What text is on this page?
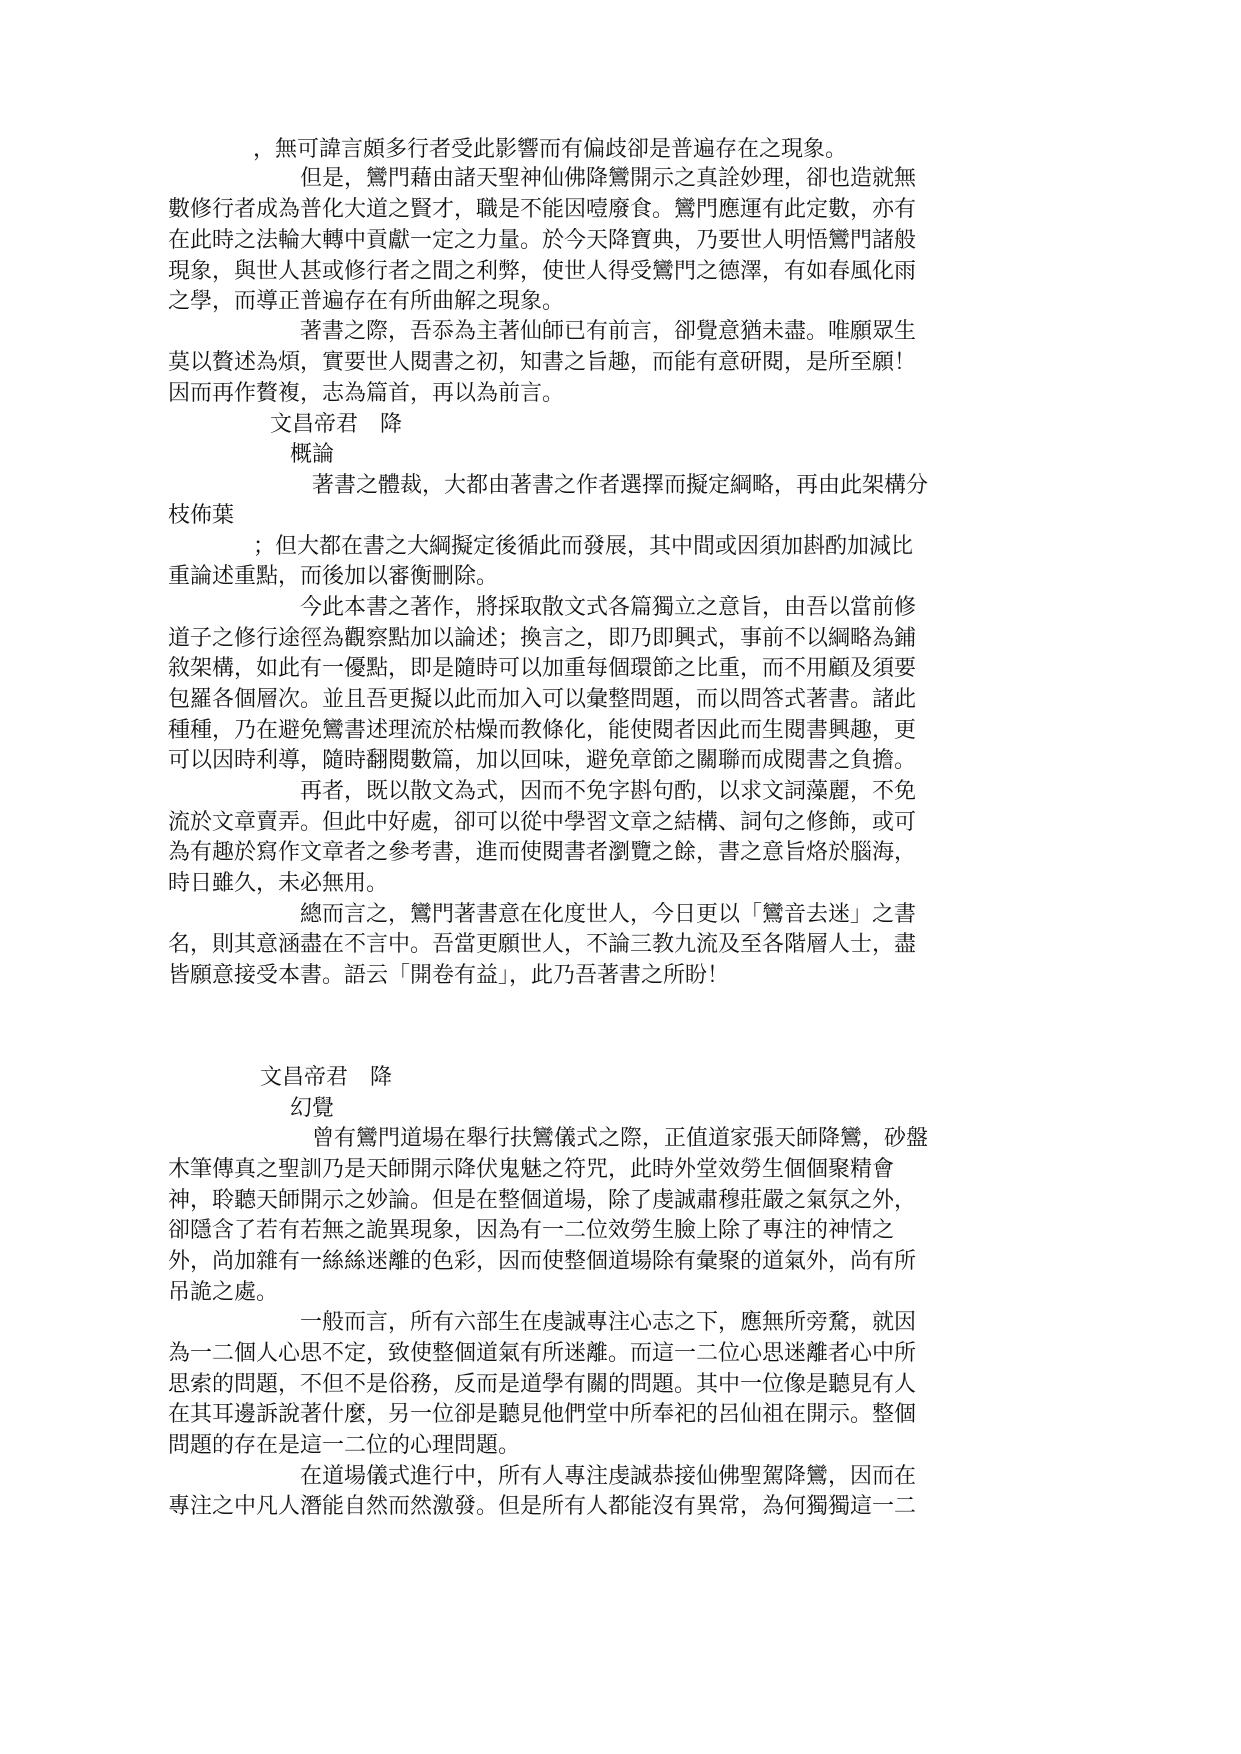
，無可諱言頗多行者受此影響而有偏歧卻是普遍存在之現象。

但是，鸞門藉由諸天聖神仙佛降鸞開示之真詮妙理，卻也造就無

數修行者成為普化大道之賢才，職是不能因噎廢食。鸞門應運有此定數，亦有

在此時之法輪大轉中貢獻一定之力量。於今天降寶典，乃要世人明悟鸞門諸般

現象，與世人甚或修行者之間之利弊，使世人得受鸞門之德澤，有如春風化雨

之學，而導正普遍存在有所曲解之現象。

著書之際，吾忝為主著仙師已有前言，卻覺意猶未盡。唯願眾生

莫以贅述為煩，實要世人閱書之初，知書之旨趣，而能有意研閱，是所至願！

因而再作贅複，志為篇首，再以為前言。

文昌帝君　降

概論

著書之體裁，大都由著書之作者選擇而擬定綱略，再由此架構分

枝佈葉

；但大都在書之大綱擬定後循此而發展，其中間或因須加斟酌加減比

重論述重點，而後加以審衡刪除。

今此本書之著作，將採取散文式各篇獨立之意旨，由吾以當前修

道子之修行途徑為觀察點加以論述；換言之，即乃即興式，事前不以綱略為鋪

敘架構，如此有一優點，即是隨時可以加重每個環節之比重，而不用顧及須要

包羅各個層次。並且吾更擬以此而加入可以彙整問題，而以問答式著書。諸此

種種，乃在避免鸞書述理流於枯燥而教條化，能使閱者因此而生閱書興趣，更

可以因時利導，隨時翻閱數篇，加以回味，避免章節之關聯而成閱書之負擔。

再者，既以散文為式，因而不免字斟句酌，以求文詞藻麗，不免

流於文章賣弄。但此中好處，卻可以從中學習文章之結構、詞句之修飾，或可

為有趣於寫作文章者之參考書，進而使閱書者瀏覽之餘，書之意旨烙於腦海，

時日雖久，未必無用。

總而言之，鸞門著書意在化度世人，今日更以「鸞音去迷」之書

名，則其意涵盡在不言中。吾當更願世人，不論三教九流及至各階層人士，盡

皆願意接受本書。語云「開卷有益」，此乃吾著書之所盼！

文昌帝君　降

幻覺

曾有鸞門道場在舉行扶鸞儀式之際，正值道家張天師降鸞，砂盤

木筆傳真之聖訓乃是天師開示降伏鬼魅之符咒，此時外堂效勞生個個聚精會

神，聆聽天師開示之妙論。但是在整個道場，除了虔誠肅穆莊嚴之氣氛之外，

卻隱含了若有若無之詭異現象，因為有一二位效勞生臉上除了專注的神情之

外，尚加雜有一絲絲迷離的色彩，因而使整個道場除有彙聚的道氣外，尚有所

吊詭之處。

一般而言，所有六部生在虔誠專注心志之下，應無所旁騖，就因

為一二個人心思不定，致使整個道氣有所迷離。而這一二位心思迷離者心中所

思索的問題，不但不是俗務，反而是道學有關的問題。其中一位像是聽見有人

在其耳邊訴說著什麼，另一位卻是聽見他們堂中所奉祀的呂仙祖在開示。整個

問題的存在是這一二位的心理問題。

在道場儀式進行中，所有人專注虔誠恭接仙佛聖駕降鸞，因而在

專注之中凡人潛能自然而然激發。但是所有人都能沒有異常，為何獨獨這一二
